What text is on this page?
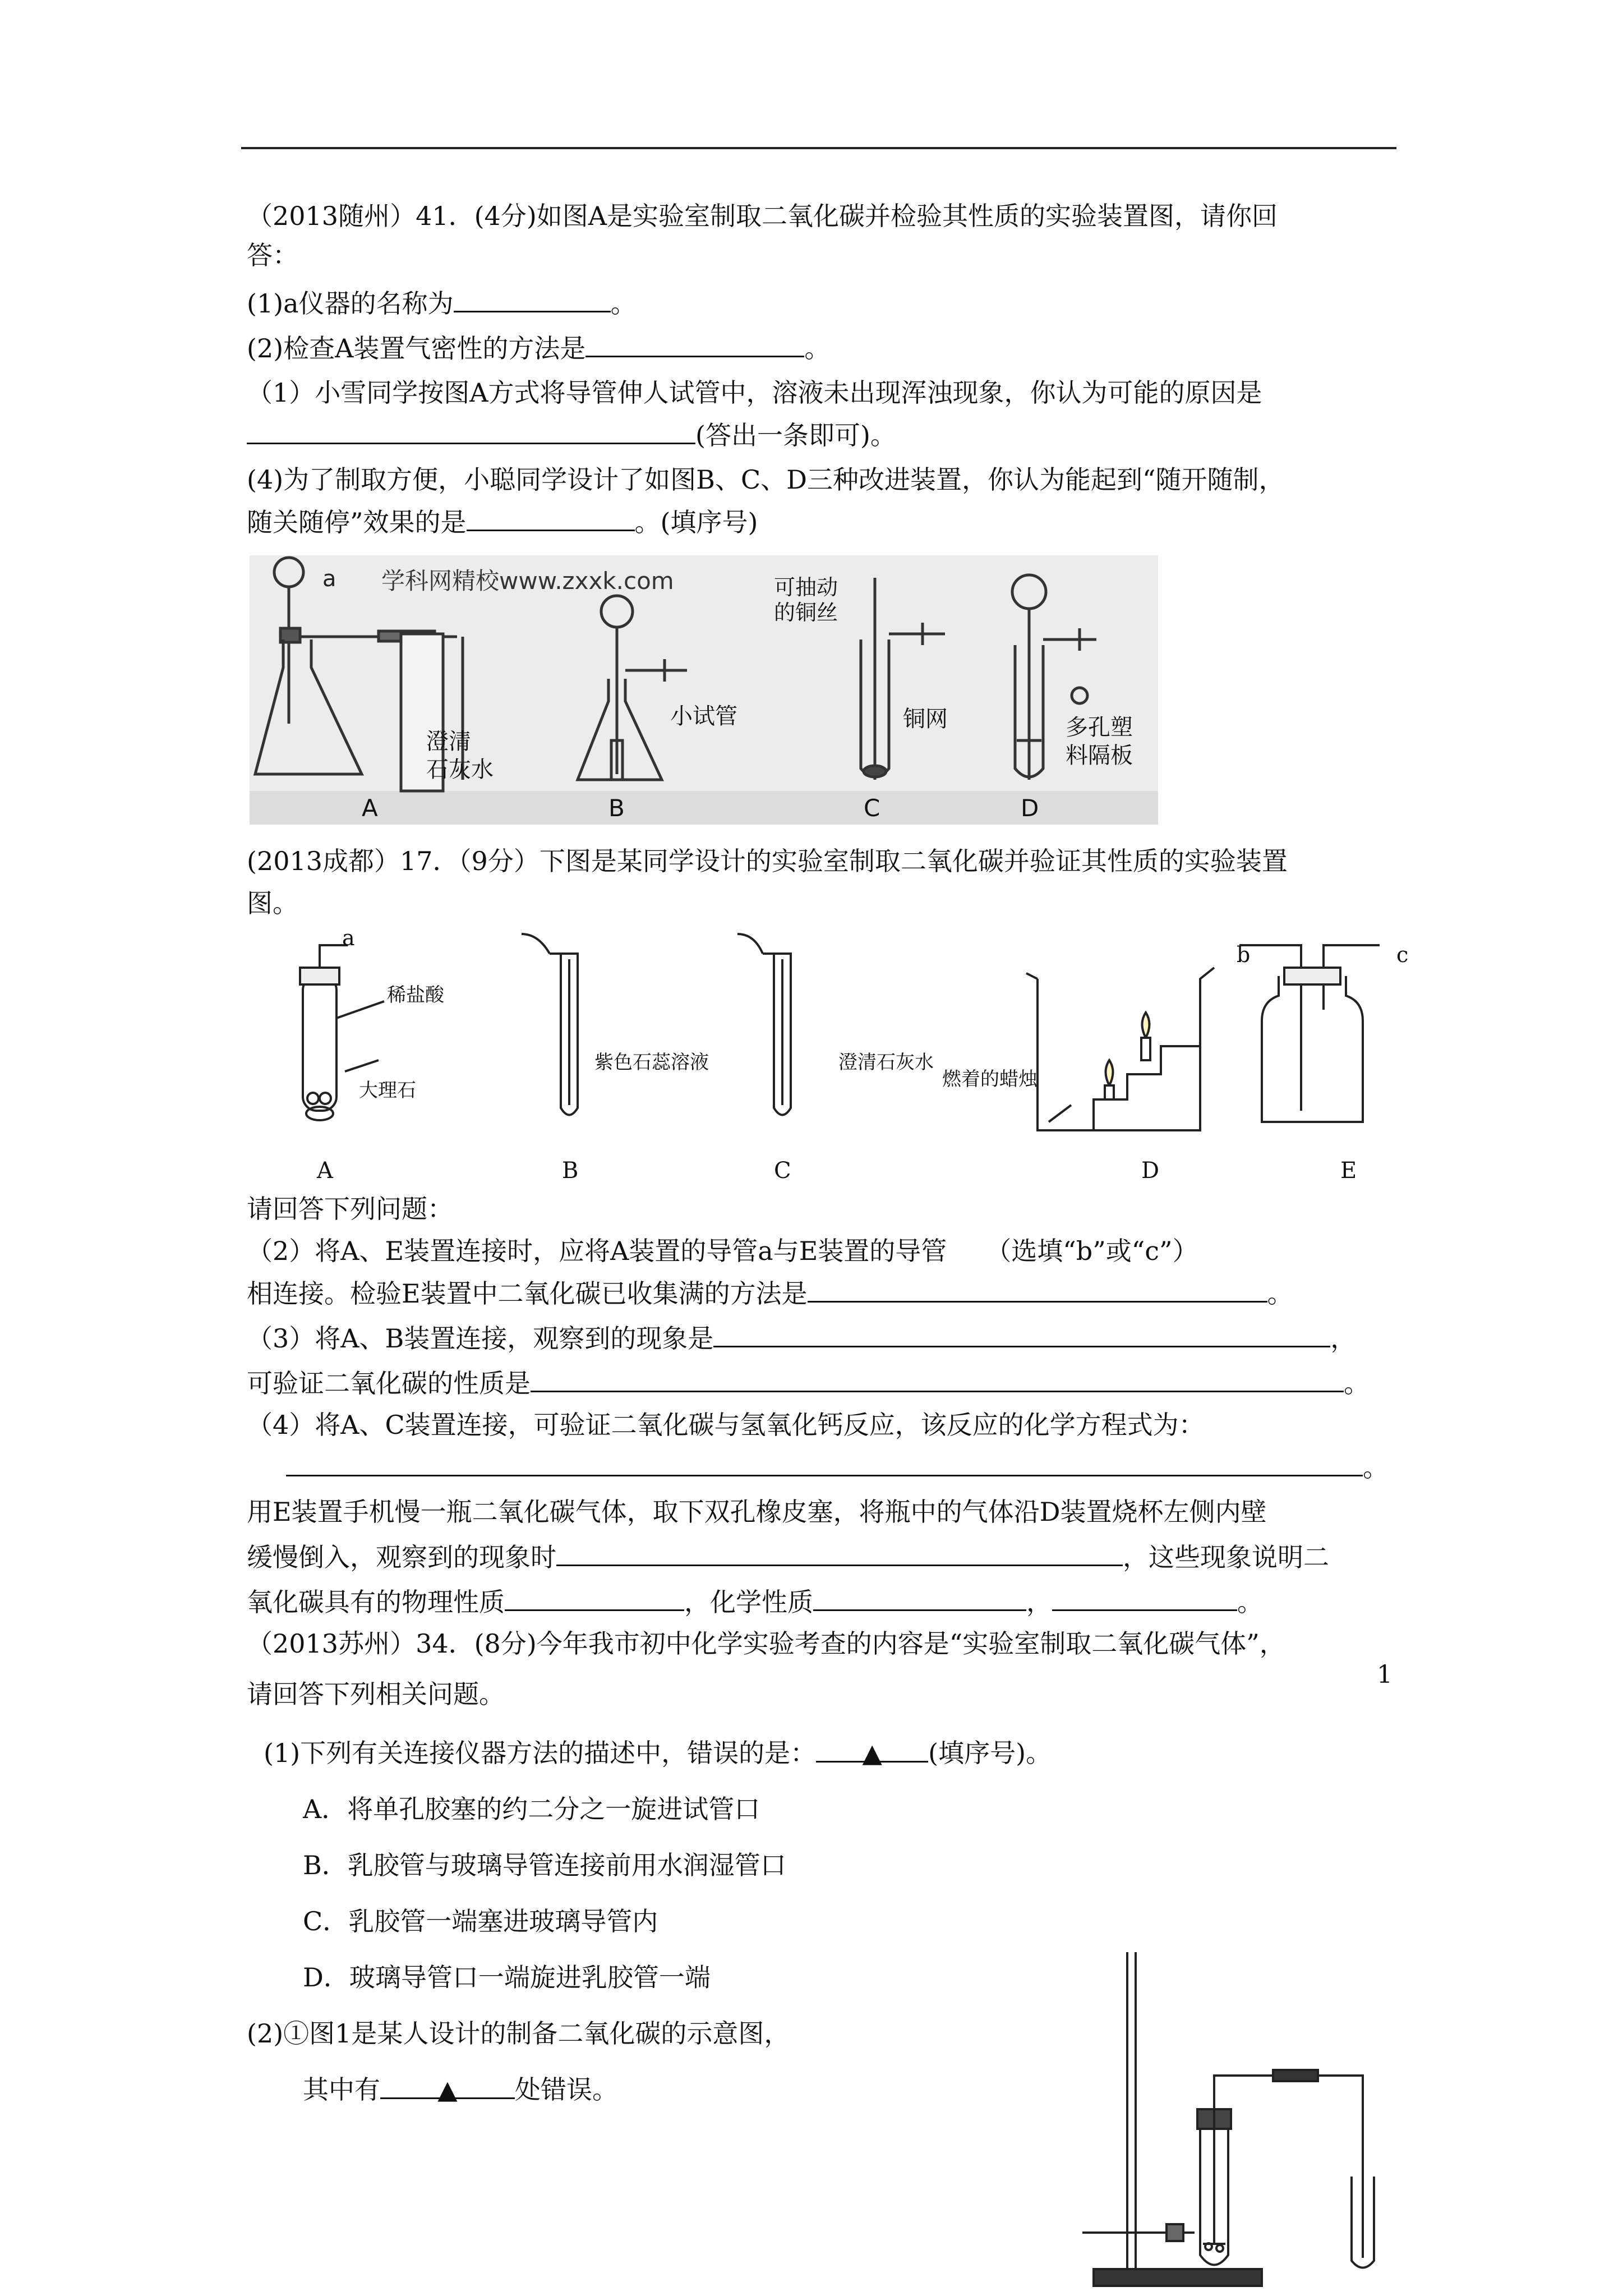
（2013随州）41．(4分)如图A是实验室制取二氧化碳并检验其性质的实验装置图，请你回
答：
(1)a仪器的名称为	。
(2)检查A装置气密性的方法是	。
（1）小雪同学按图A方式将导管伸人试管中，溶液未出现浑浊现象，你认为可能的原因是
(答出一条即可)。
(4)为了制取方便，小聪同学设计了如图B、C、D三种改进装置，你认为能起到“随开随制，
随关随停”效果的是	。(填序号)
a 学科网精校www.zxxk.com
澄清
石灰水
小试管
可抽动
的铜丝
铜网	多孔塑
料隔板
A	B	C	D
(2013成都）17．（9分）下图是某同学设计的实验室制取二氧化碳并验证其性质的实验装置
图。
a
b	c
稀盐酸
大理石
紫色石蕊溶液	澄清石灰水
燃着的蜡烛
A	B	C	D	E
请回答下列问题：
（2）将A、E装置连接时，应将A装置的导管a与E装置的导管　　（选填“b”或“c”）
相连接。检验E装置中二氧化碳已收集满的方法是	。
（3）将A、B装置连接，观察到的现象是	，
可验证二氧化碳的性质是	。
（4）将A、C装置连接，可验证二氧化碳与氢氧化钙反应，该反应的化学方程式为：
。
用E装置手机慢一瓶二氧化碳气体，取下双孔橡皮塞，将瓶中的气体沿D装置烧杯左侧内壁
缓慢倒入，观察到的现象时	，这些现象说明二
氧化碳具有的物理性质	，化学性质	，	。
（2013苏州）34．(8分)今年我市初中化学实验考查的内容是“实验室制取二氧化碳气体”，
请回答下列相关问题。
(1)下列有关连接仪器方法的描述中，错误的是： ▲ (填序号)。
A．将单孔胶塞的约二分之一旋进试管口
B．乳胶管与玻璃导管连接前用水润湿管口
C．乳胶管一端塞进玻璃导管内
D．玻璃导管口一端旋进乳胶管一端
(2)①图1是某人设计的制备二氧化碳的示意图，
其中有 ▲ 处错误。
1
